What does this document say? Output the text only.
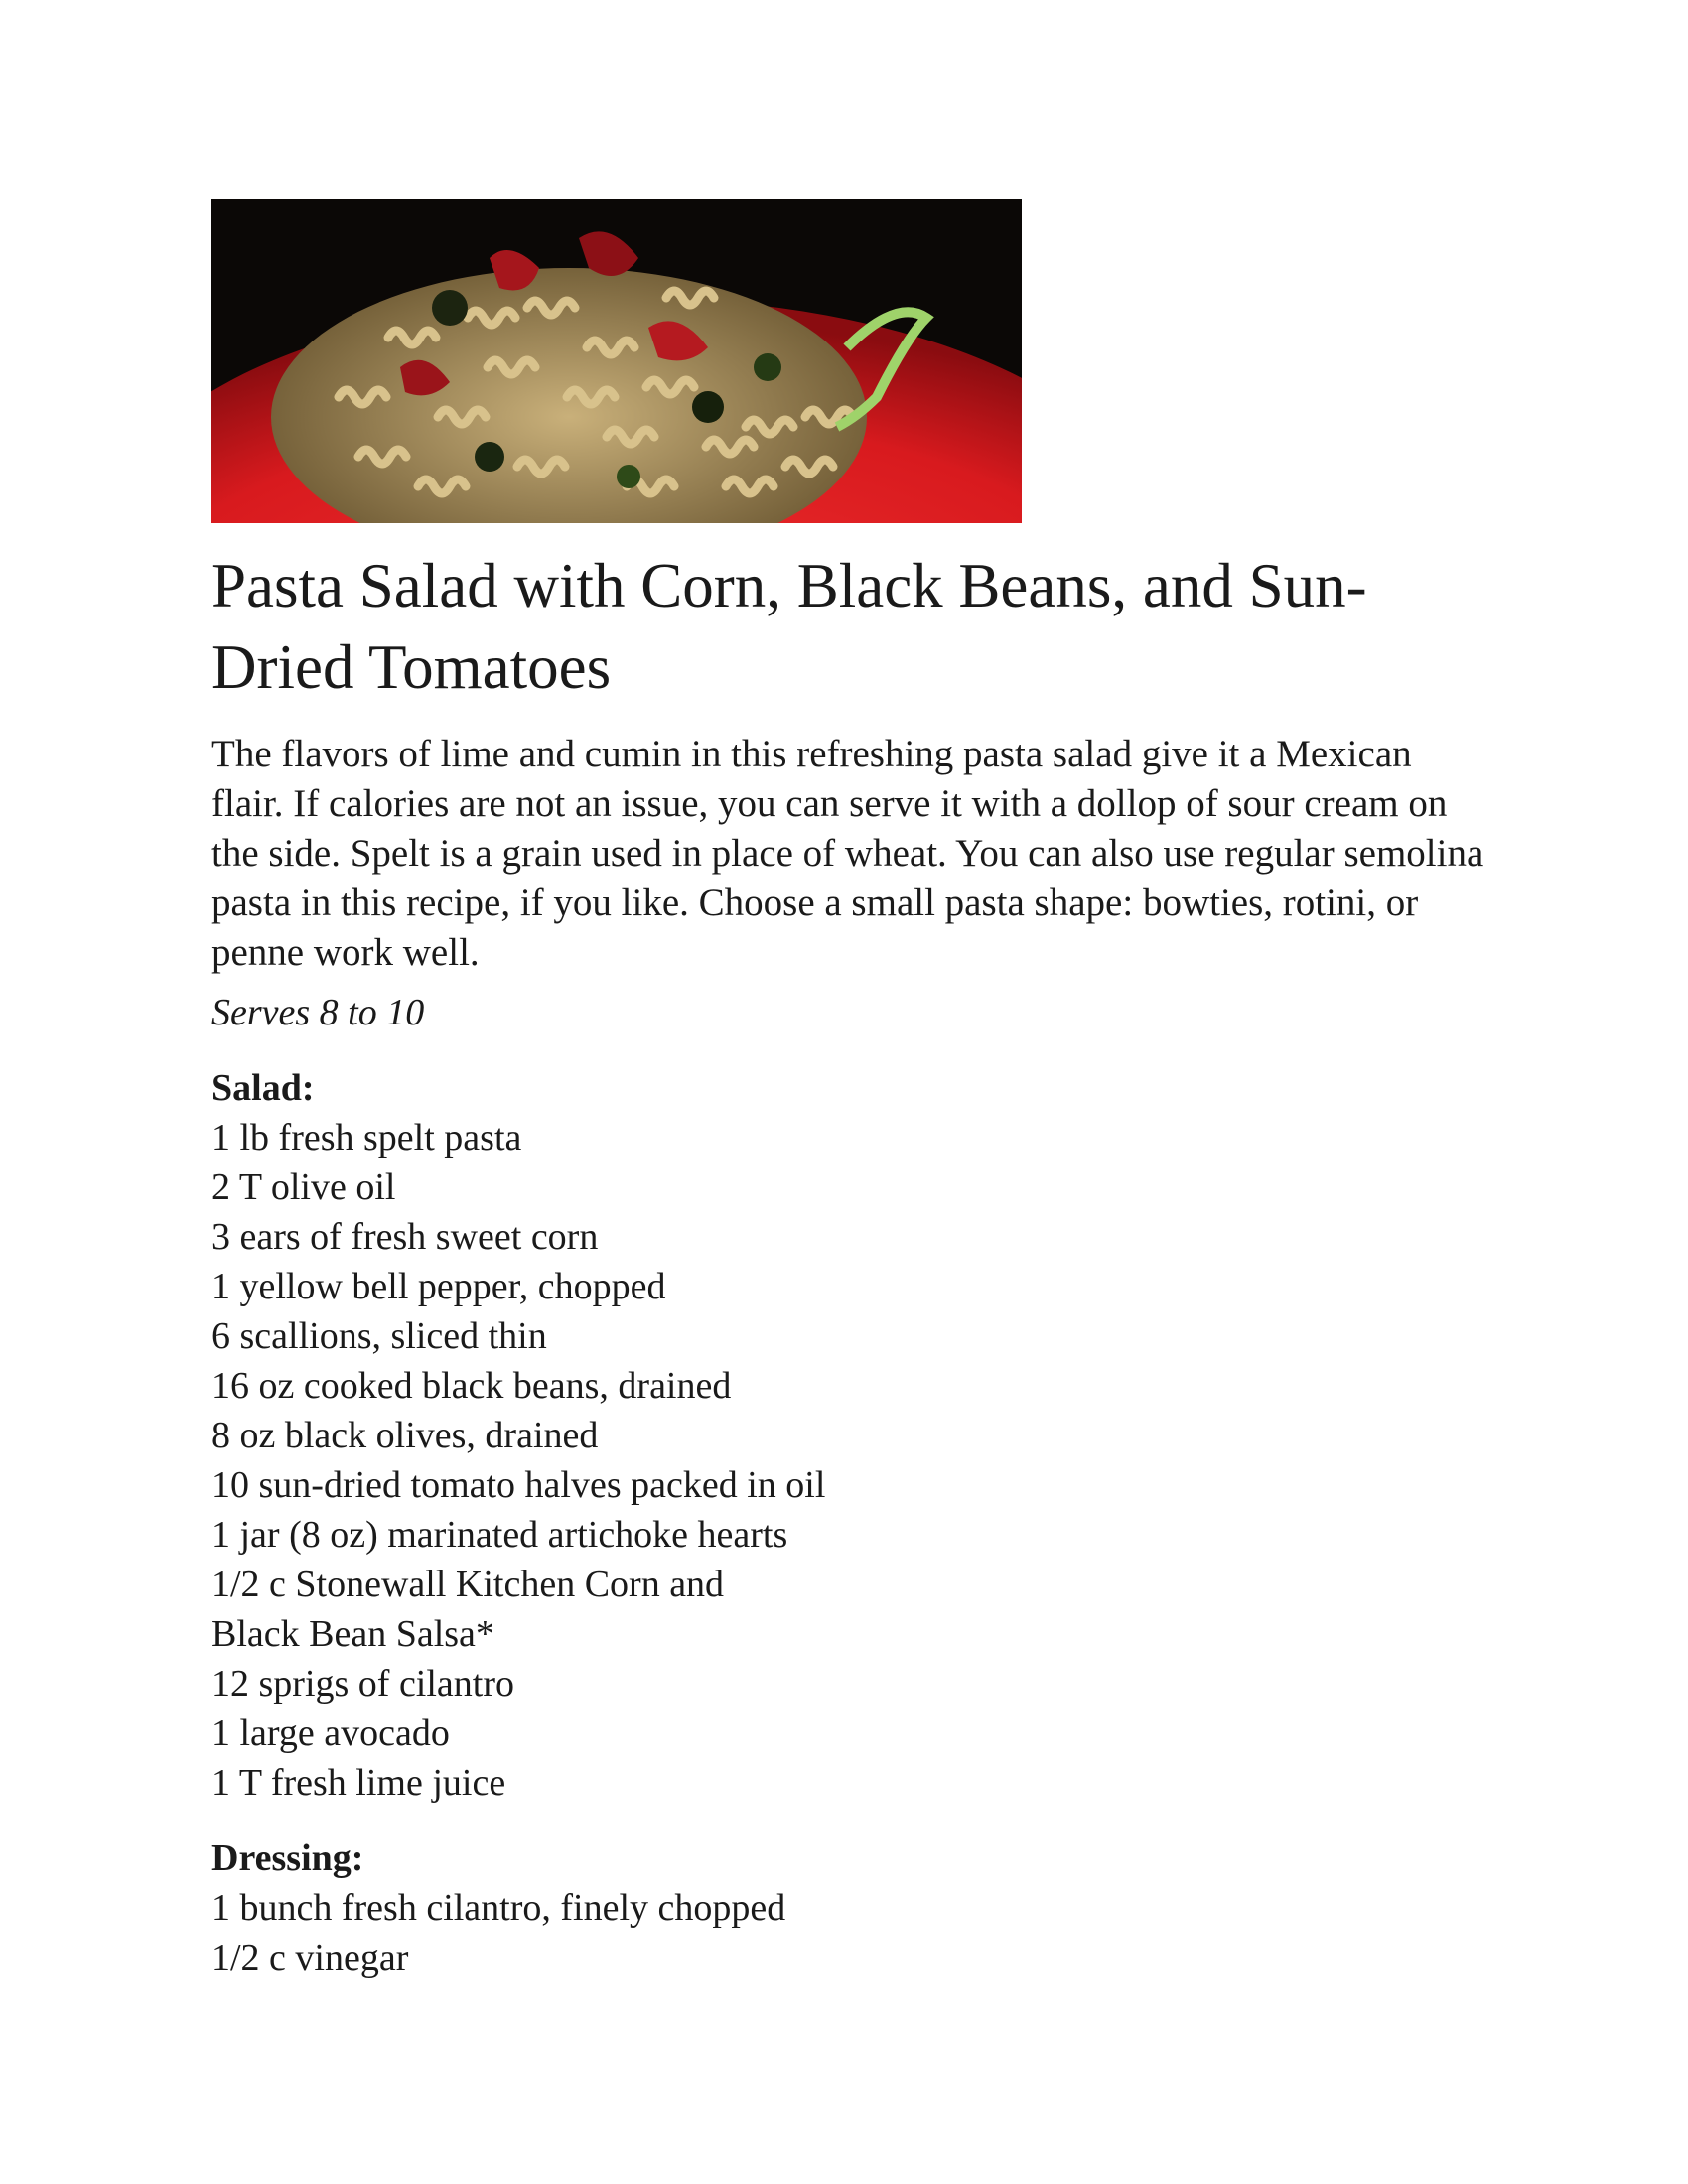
Pasta Salad with Corn, Black Beans, and Sun-Dried Tomatoes

The flavors of lime and cumin in this refreshing pasta salad give it a Mexican flair. If calories are not an issue, you can serve it with a dollop of sour cream on the side. Spelt is a grain used in place of wheat. You can also use regular semolina pasta in this recipe, if you like. Choose a small pasta shape: bowties, rotini, or penne work well.

Serves 8 to 10

Salad:
1 lb fresh spelt pasta
2 T olive oil
3 ears of fresh sweet corn
1 yellow bell pepper, chopped
6 scallions, sliced thin
16 oz cooked black beans, drained
8 oz black olives, drained
10 sun-dried tomato halves packed in oil
1 jar (8 oz) marinated artichoke hearts
1/2 c Stonewall Kitchen Corn and
Black Bean Salsa*
12 sprigs of cilantro
1 large avocado
1 T fresh lime juice
Dressing:
1 bunch fresh cilantro, finely chopped
1/2 c vinegar
